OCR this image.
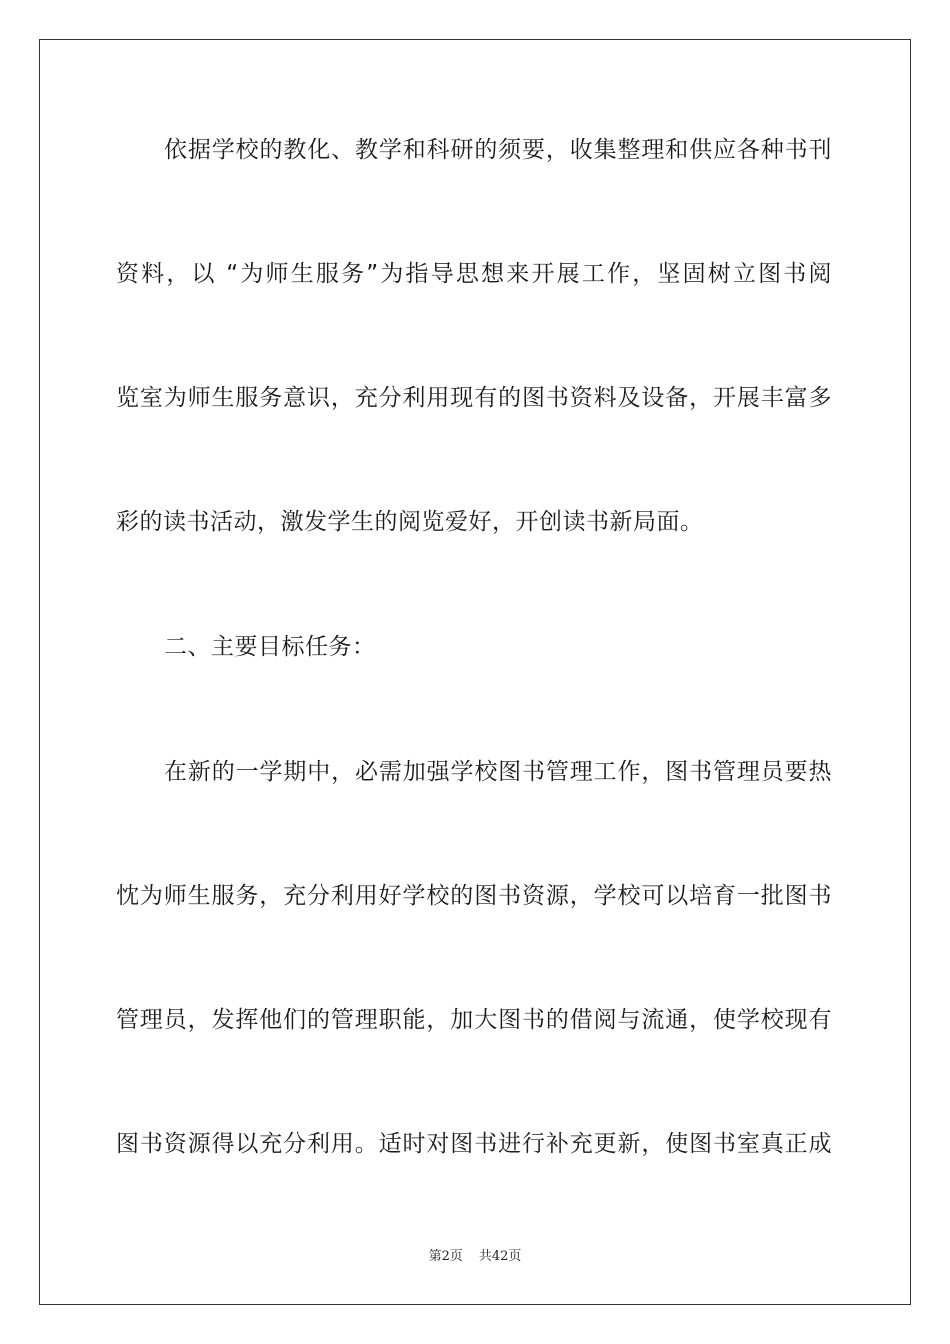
依据学校的教化、教学和科研的须要，收集整理和供应各种书刊
资料，以 “为师生服务”为指导思想来开展工作，坚固树立图书阅
览室为师生服务意识，充分利用现有的图书资料及设备，开展丰富多
彩的读书活动，激发学生的阅览爱好，开创读书新局面。
二、主要目标任务：
在新的一学期中，必需加强学校图书管理工作，图书管理员要热
忱为师生服务，充分利用好学校的图书资源，学校可以培育一批图书
管理员，发挥他们的管理职能，加大图书的借阅与流通，使学校现有
图书资源得以充分利用。适时对图书进行补充更新，使图书室真正成
第2页 共42页
